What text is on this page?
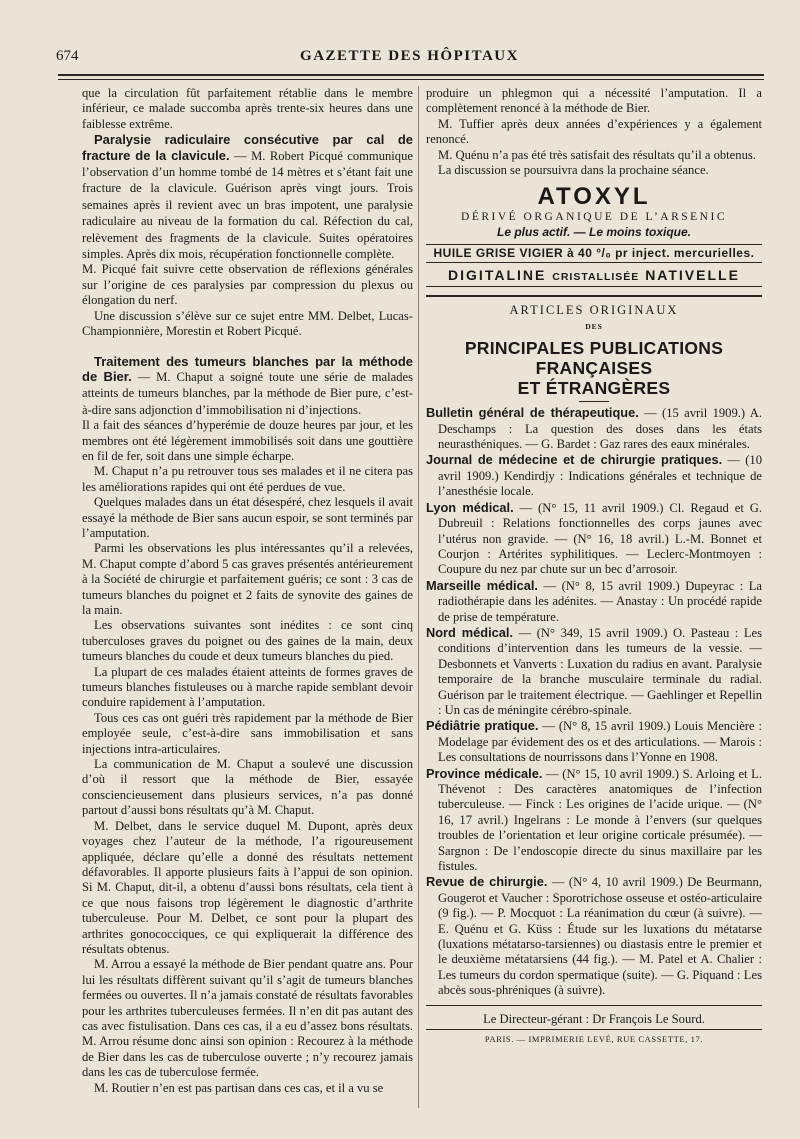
674	GAZETTE DES HÔPITAUX

que la circulation fût parfaitement rétablie dans le membre inférieur, ce malade succomba après trente-six heures dans une faiblesse extrême.

Paralysie radiculaire consécutive par cal de fracture de la clavicule. — M. Robert Picqué communique l’observation d’un homme tombé de 14 mètres et s’étant fait une fracture de la clavicule. Guérison après vingt jours. Trois semaines après il revient avec un bras impotent, une paralysie radiculaire au niveau de la formation du cal. Réfection du cal, relèvement des fragments de la clavicule. Suites opératoires simples. Après dix mois, récupération fonctionnelle complète.

M. Picqué fait suivre cette observation de réflexions générales sur l’origine de ces paralysies par compression du plexus ou élongation du nerf.

Une discussion s’élève sur ce sujet entre MM. Delbet, Lucas-Championnière, Morestin et Robert Picqué.

Traitement des tumeurs blanches par la méthode de Bier. — M. Chaput a soigné toute une série de malades atteints de tumeurs blanches, par la méthode de Bier pure, c’est-à-dire sans adjonction d’immobilisation ni d’injections.

Il a fait des séances d’hyperémie de douze heures par jour, et les membres ont été légèrement immobilisés soit dans une gouttière en fil de fer, soit dans une simple écharpe.

M. Chaput n’a pu retrouver tous ses malades et il ne citera pas les améliorations rapides qui ont été perdues de vue.

Quelques malades dans un état désespéré, chez lesquels il avait essayé la méthode de Bier sans aucun espoir, se sont terminés par l’amputation.

Parmi les observations les plus intéressantes qu’il a relevées, M. Chaput compte d’abord 5 cas graves présentés antérieurement à la Société de chirurgie et parfaitement guéris; ce sont : 3 cas de tumeurs blanches du poignet et 2 faits de synovite des gaines de la main.

Les observations suivantes sont inédites : ce sont cinq tuberculoses graves du poignet ou des gaines de la main, deux tumeurs blanches du coude et deux tumeurs blanches du pied.

La plupart de ces malades étaient atteints de formes graves de tumeurs blanches fistuleuses ou à marche rapide semblant devoir conduire rapidement à l’amputation.

Tous ces cas ont guéri très rapidement par la méthode de Bier employée seule, c’est-à-dire sans immobilisation et sans injections intra-articulaires.

La communication de M. Chaput a soulevé une discussion d’où il ressort que la méthode de Bier, essayée consciencieusement dans plusieurs services, n’a pas donné partout d’aussi bons résultats qu’à M. Chaput.

M. Delbet, dans le service duquel M. Dupont, après deux voyages chez l’auteur de la méthode, l’a rigoureusement appliquée, déclare qu’elle a donné des résultats nettement défavorables. Il apporte plusieurs faits à l’appui de son opinion. Si M. Chaput, dit-il, a obtenu d’aussi bons résultats, cela tient à ce que nous faisons trop légèrement le diagnostic d’arthrite tuberculeuse. Pour M. Delbet, ce sont pour la plupart des arthrites gonococciques, ce qui expliquerait la différence des résultats obtenus.

M. Arrou a essayé la méthode de Bier pendant quatre ans. Pour lui les résultats diffèrent suivant qu’il s’agit de tumeurs blanches fermées ou ouvertes. Il n’a jamais constaté de résultats favorables pour les arthrites tuberculeuses fermées. Il n’en dit pas autant des cas avec fistulisation. Dans ces cas, il a eu d’assez bons résultats. M. Arrou résume donc ainsi son opinion : Recourez à la méthode de Bier dans les cas de tuberculose ouverte ; n’y recourez jamais dans les cas de tuberculose fermée.

M. Routier n’en est pas partisan dans ces cas, et il a vu se

produire un phlegmon qui a nécessité l’amputation. Il a complètement renoncé à la méthode de Bier.

M. Tuffier après deux années d’expériences y a également renoncé.

M. Quénu n’a pas été très satisfait des résultats qu’il a obtenus.

La discussion se poursuivra dans la prochaine séance.

ATOXYL
DÉRIVÉ ORGANIQUE DE L’ARSENIC
Le plus actif. — Le moins toxique.
HUILE GRISE VIGIER à 40 °/₀ pr inject. mercurielles.
DIGITALINE CRISTALLISÉE NATIVELLE
ARTICLES ORIGINAUX
DES
PRINCIPALES PUBLICATIONS FRANÇAISES
ET ÉTRANGÈRES

Bulletin général de thérapeutique. — (15 avril 1909.) A. Deschamps : La question des doses dans les états neurasthéniques. — G. Bardet : Gaz rares des eaux minérales.

Journal de médecine et de chirurgie pratiques. — (10 avril 1909.) Kendirdjy : Indications générales et technique de l’anesthésie locale.

Lyon médical. — (N° 15, 11 avril 1909.) Cl. Regaud et G. Dubreuil : Relations fonctionnelles des corps jaunes avec l’utérus non gravide. — (N° 16, 18 avril.) L.-M. Bonnet et Courjon : Artérites syphilitiques. — Leclerc-Montmoyen : Coupure du nez par chute sur un bec d’arrosoir.

Marseille médical. — (N° 8, 15 avril 1909.) Dupeyrac : La radiothérapie dans les adénites. — Anastay : Un procédé rapide de prise de température.

Nord médical. — (N° 349, 15 avril 1909.) O. Pasteau : Les conditions d’intervention dans les tumeurs de la vessie. — Desbonnets et Vanverts : Luxation du radius en avant. Paralysie temporaire de la branche musculaire terminale du radial. Guérison par le traitement électrique. — Gaehlinger et Repellin : Un cas de méningite cérébro-spinale.

Pédiâtrie pratique. — (N° 8, 15 avril 1909.) Louis Mencière : Modelage par évidement des os et des articulations. — Marois : Les consultations de nourrissons dans l’Yonne en 1908.

Province médicale. — (N° 15, 10 avril 1909.) S. Arloing et L. Thévenot : Des caractères anatomiques de l’infection tuberculeuse. — Finck : Les origines de l’acide urique. — (N° 16, 17 avril.) Ingelrans : Le monde à l’envers (sur quelques troubles de l’orientation et leur origine corticale présumée). — Sargnon : De l’endoscopie directe du sinus maxillaire par les fistules.

Revue de chirurgie. — (N° 4, 10 avril 1909.) De Beurmann, Gougerot et Vaucher : Sporotrichose osseuse et ostéo-articulaire (9 fig.). — P. Mocquot : La réanimation du cœur (à suivre). — E. Quénu et G. Küss : Étude sur les luxations du métatarse (luxations métatarso-tarsiennes) ou diastasis entre le premier et le deuxième métatarsiens (44 fig.). — M. Patel et A. Chalier : Les tumeurs du cordon spermatique (suite). — G. Piquand : Les abcès sous-phréniques (à suivre).

Le Directeur-gérant : Dr François Le Sourd.
PARIS. — IMPRIMERIE LEVÉ, RUE CASSETTE, 17.
